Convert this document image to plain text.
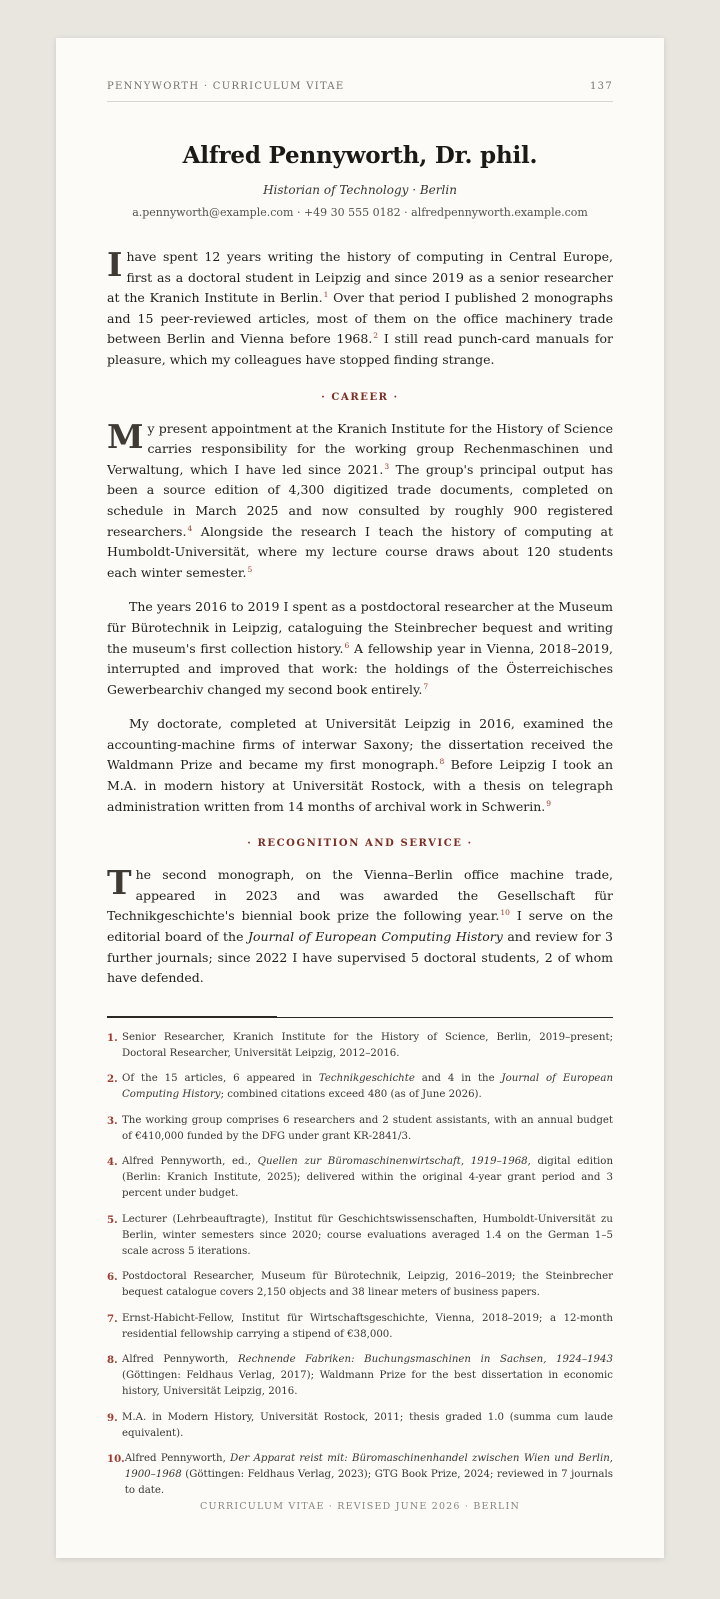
PENNYWORTH · CURRICULUM VITAE	137
Alfred Pennyworth, Dr. phil.
Historian of Technology · Berlin
a.pennyworth@example.com · +49 30 555 0182 · alfredpennyworth.example.com

Ihave spent 12 years writing the history of computing in Central Europe, first as a doctoral student in Leipzig and since 2019 as a senior researcher at the Kranich Institute in Berlin.$^1$ Over that period I published 2 monographs and 15 peer-reviewed articles, most of them on the office machinery trade between Berlin and Vienna before 1968.$^2$ I still read punch-card manuals for pleasure, which my colleagues have stopped finding strange.

· CAREER ·

My present appointment at the Kranich Institute for the History of Science carries responsibility for the working group Rechenmaschinen und Verwaltung, which I have led since 2021.$^3$ The group's principal output has been a source edition of 4,300 digitized trade documents, completed on schedule in March 2025 and now consulted by roughly 900 registered researchers.$^4$ Alongside the research I teach the history of computing at Humboldt-Universität, where my lecture course draws about 120 students each winter semester.$^5$

The years 2016 to 2019 I spent as a postdoctoral researcher at the Museum für Bürotechnik in Leipzig, cataloguing the Steinbrecher bequest and writing the museum's first collection history.$^6$ A fellowship year in Vienna, 2018–2019, interrupted and improved that work: the holdings of the Österreichisches Gewerbearchiv changed my second book entirely.$^7$

My doctorate, completed at Universität Leipzig in 2016, examined the accounting-machine firms of interwar Saxony; the dissertation received the Waldmann Prize and became my first monograph.$^8$ Before Leipzig I took an M.A. in modern history at Universität Rostock, with a thesis on telegraph administration written from 14 months of archival work in Schwerin.$^9$

· RECOGNITION AND SERVICE ·

The second monograph, on the Vienna–Berlin office machine trade, appeared in 2023 and was awarded the Gesellschaft für Technikgeschichte's biennial book prize the following year.$^{10}$ I serve on the editorial board of the Journal of European Computing History and review for 3 further journals; since 2022 I have supervised 5 doctoral students, 2 of whom have defended.

1. Senior Researcher, Kranich Institute for the History of Science, Berlin, 2019–present; Doctoral Researcher, Universität Leipzig, 2012–2016.
2. Of the 15 articles, 6 appeared in Technikgeschichte and 4 in the Journal of European Computing History; combined citations exceed 480 (as of June 2026).
3. The working group comprises 6 researchers and 2 student assistants, with an annual budget of €410,000 funded by the DFG under grant KR-2841/3.
4. Alfred Pennyworth, ed., Quellen zur Büromaschinenwirtschaft, 1919–1968, digital edition (Berlin: Kranich Institute, 2025); delivered within the original 4-year grant period and 3 percent under budget.
5. Lecturer (Lehrbeauftragte), Institut für Geschichtswissenschaften, Humboldt-Universität zu Berlin, winter semesters since 2020; course evaluations averaged 1.4 on the German 1–5 scale across 5 iterations.
6. Postdoctoral Researcher, Museum für Bürotechnik, Leipzig, 2016–2019; the Steinbrecher bequest catalogue covers 2,150 objects and 38 linear meters of business papers.
7. Ernst-Habicht-Fellow, Institut für Wirtschaftsgeschichte, Vienna, 2018–2019; a 12-month residential fellowship carrying a stipend of €38,000.
8. Alfred Pennyworth, Rechnende Fabriken: Buchungsmaschinen in Sachsen, 1924–1943 (Göttingen: Feldhaus Verlag, 2017); Waldmann Prize for the best dissertation in economic history, Universität Leipzig, 2016.
9. M.A. in Modern History, Universität Rostock, 2011; thesis graded 1.0 (summa cum laude equivalent).
10. Alfred Pennyworth, Der Apparat reist mit: Büromaschinenhandel zwischen Wien und Berlin, 1900–1968 (Göttingen: Feldhaus Verlag, 2023); GTG Book Prize, 2024; reviewed in 7 journals to date.
CURRICULUM VITAE · REVISED JUNE 2026 · BERLIN
